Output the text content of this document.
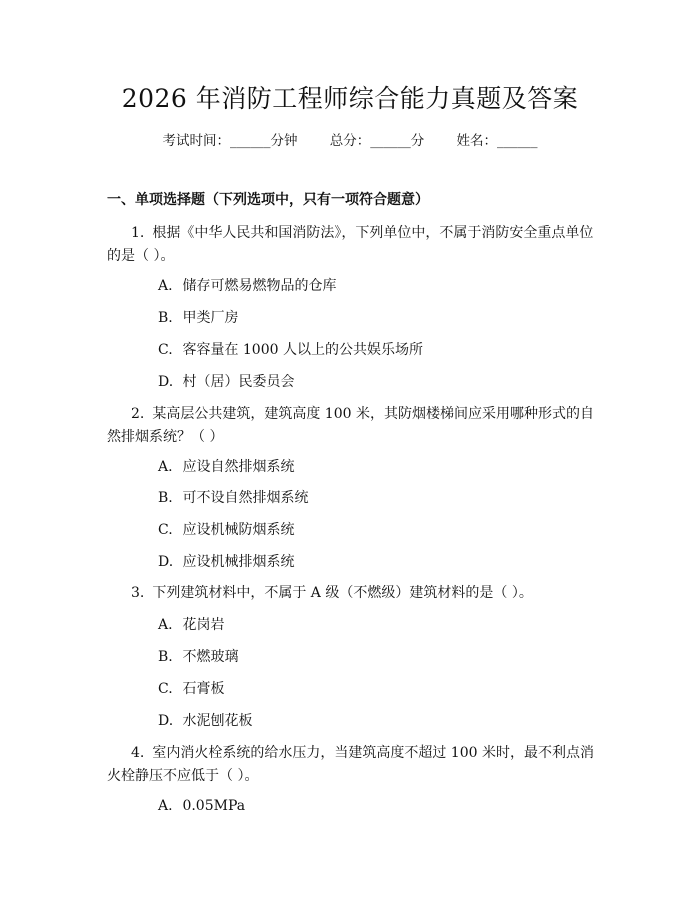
2026 年消防工程师综合能力真题及答案
考试时间：______分钟 总分：______分 姓名：______
一、单项选择题（下列选项中，只有一项符合题意）
1. 根据《中华人民共和国消防法》，下列单位中，不属于消防安全重点单位的是（ ）。
A. 储存可燃易燃物品的仓库
B. 甲类厂房
C. 客容量在 1000 人以上的公共娱乐场所
D. 村（居）民委员会
2. 某高层公共建筑，建筑高度 100 米，其防烟楼梯间应采用哪种形式的自然排烟系统？（ ）
A. 应设自然排烟系统
B. 可不设自然排烟系统
C. 应设机械防烟系统
D. 应设机械排烟系统
3. 下列建筑材料中，不属于 A 级（不燃级）建筑材料的是（ ）。
A. 花岗岩
B. 不燃玻璃
C. 石膏板
D. 水泥刨花板
4. 室内消火栓系统的给水压力，当建筑高度不超过 100 米时，最不利点消火栓静压不应低于（ ）。
A. 0.05MPa
